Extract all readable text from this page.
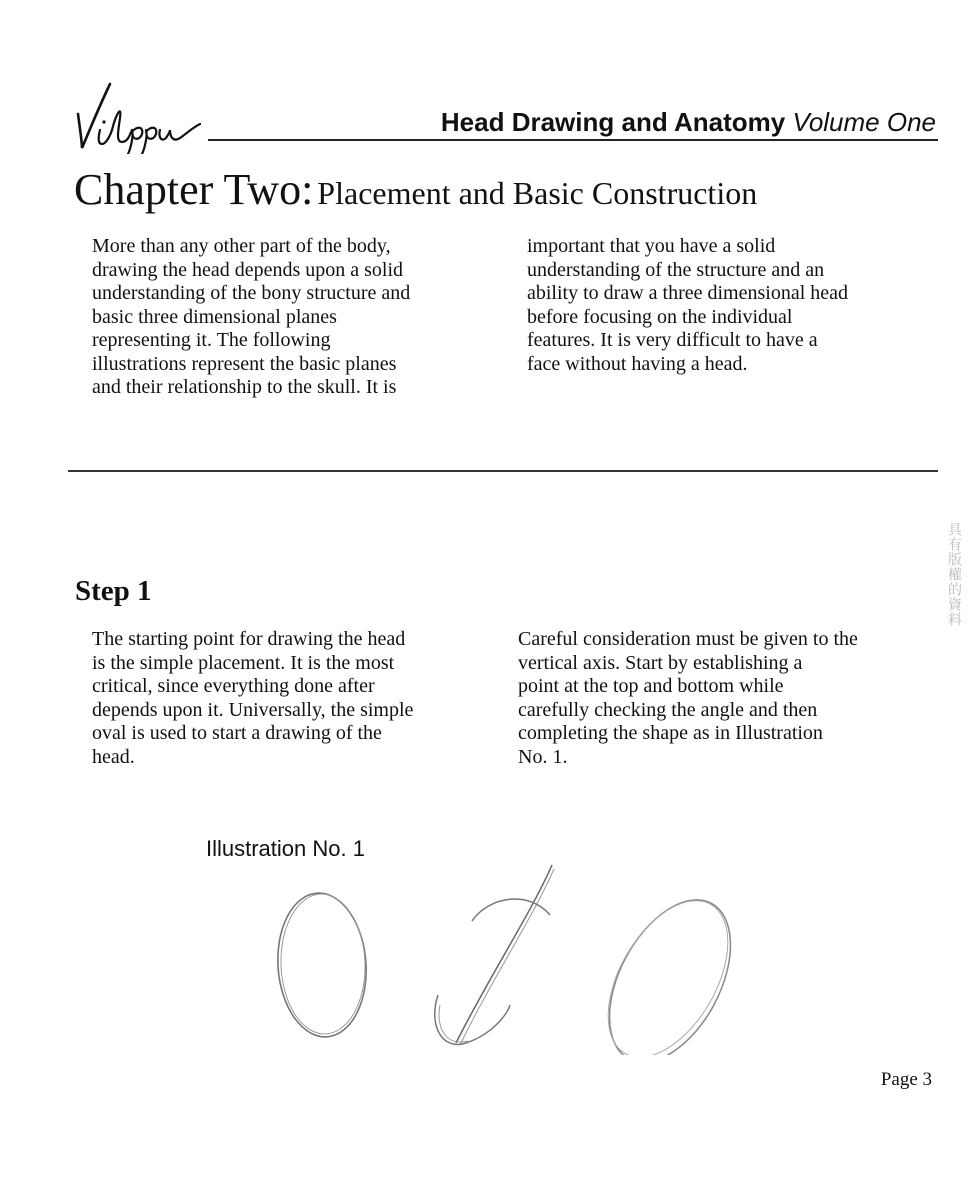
Head Drawing and Anatomy Volume One
Chapter Two: Placement and Basic Construction
More than any other part of the body,
drawing the head depends upon a solid
understanding of the bony structure and
basic three dimensional planes
representing it. The following
illustrations represent the basic planes
and their relationship to the skull. It is
important that you have a solid
understanding of the structure and an
ability to draw a three dimensional head
before focusing on the individual
features. It is very difficult to have a
face without having a head.
Step 1
The starting point for drawing the head
is the simple placement. It is the most
critical, since everything done after
depends upon it. Universally, the simple
oval is used to start a drawing of the
head.
Careful consideration must be given to the
vertical axis. Start by establishing a
point at the top and bottom while
carefully checking the angle and then
completing the shape as in Illustration
No. 1.
Illustration No. 1
具有版權的資料
Page 3
